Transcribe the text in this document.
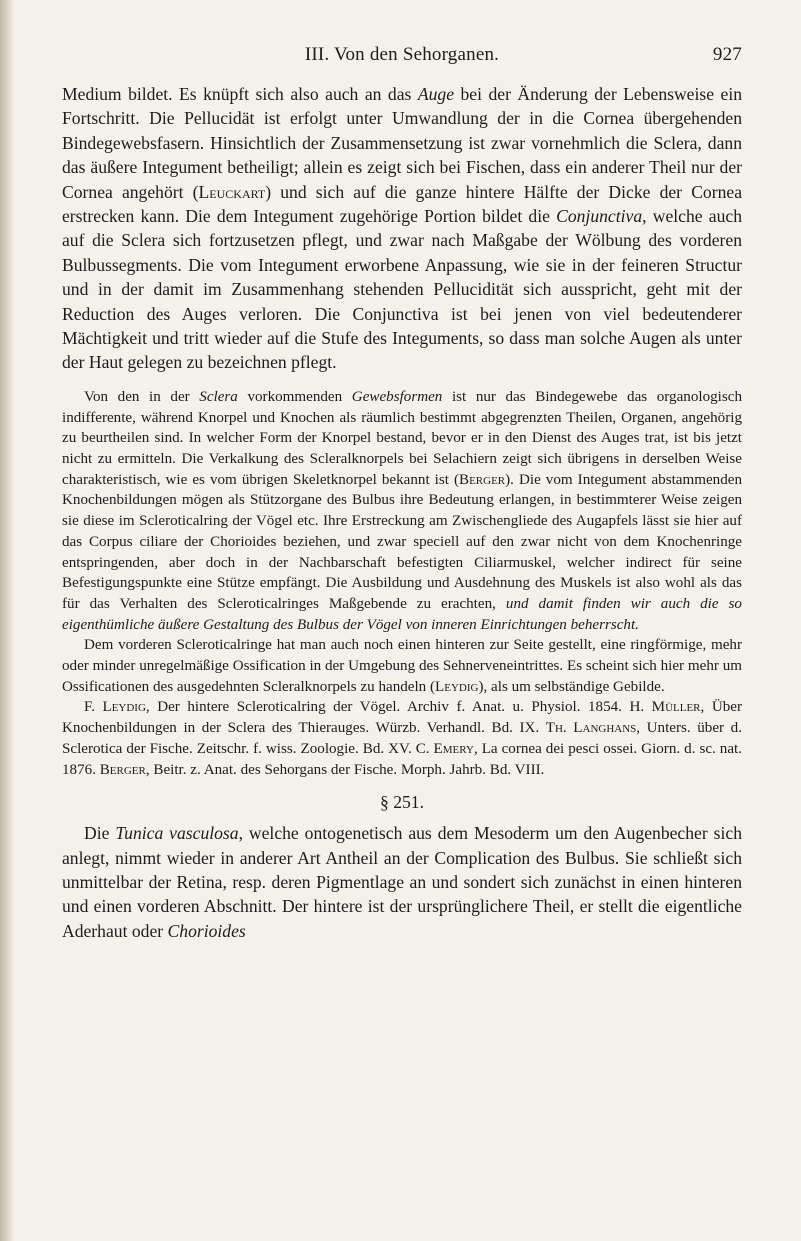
III. Von den Sehorganen.	927

Medium bildet. Es knüpft sich also auch an das Auge bei der Änderung der Lebensweise ein Fortschritt. Die Pellucidät ist erfolgt unter Umwandlung der in die Cornea übergehenden Bindegewebsfasern. Hinsichtlich der Zusammensetzung ist zwar vornehmlich die Sclera, dann das äußere Integument betheiligt; allein es zeigt sich bei Fischen, dass ein anderer Theil nur der Cornea angehört (Leuckart) und sich auf die ganze hintere Hälfte der Dicke der Cornea erstrecken kann. Die dem Integument zugehörige Portion bildet die Conjunctiva, welche auch auf die Sclera sich fortzusetzen pflegt, und zwar nach Maßgabe der Wölbung des vorderen Bulbussegments. Die vom Integument erworbene Anpassung, wie sie in der feineren Structur und in der damit im Zusammenhang stehenden Pellucidität sich ausspricht, geht mit der Reduction des Auges verloren. Die Conjunctiva ist bei jenen von viel bedeutenderer Mächtigkeit und tritt wieder auf die Stufe des Integuments, so dass man solche Augen als unter der Haut gelegen zu bezeichnen pflegt.

Von den in der Sclera vorkommenden Gewebsformen ist nur das Bindegewebe das organologisch indifferente, während Knorpel und Knochen als räumlich bestimmt abgegrenzten Theilen, Organen, angehörig zu beurtheilen sind. In welcher Form der Knorpel bestand, bevor er in den Dienst des Auges trat, ist bis jetzt nicht zu ermitteln. Die Verkalkung des Scleralknorpels bei Selachiern zeigt sich übrigens in derselben Weise charakteristisch, wie es vom übrigen Skeletknorpel bekannt ist (Berger). Die vom Integument abstammenden Knochenbildungen mögen als Stützorgane des Bulbus ihre Bedeutung erlangen, in bestimmterer Weise zeigen sie diese im Scleroticalring der Vögel etc. Ihre Erstreckung am Zwischengliede des Augapfels lässt sie hier auf das Corpus ciliare der Chorioides beziehen, und zwar speciell auf den zwar nicht von dem Knochenringe entspringenden, aber doch in der Nachbarschaft befestigten Ciliarmuskel, welcher indirect für seine Befestigungspunkte eine Stütze empfängt. Die Ausbildung und Ausdehnung des Muskels ist also wohl als das für das Verhalten des Scleroticalringes Maßgebende zu erachten, und damit finden wir auch die so eigenthümliche äußere Gestaltung des Bulbus der Vögel von inneren Einrichtungen beherrscht.

Dem vorderen Scleroticalringe hat man auch noch einen hinteren zur Seite gestellt, eine ringförmige, mehr oder minder unregelmäßige Ossification in der Umgebung des Sehnerveneintrittes. Es scheint sich hier mehr um Ossificationen des ausgedehnten Scleralknorpels zu handeln (Leydig), als um selbständige Gebilde.

F. Leydig, Der hintere Scleroticalring der Vögel. Archiv f. Anat. u. Physiol. 1854. H. Müller, Über Knochenbildungen in der Sclera des Thierauges. Würzb. Verhandl. Bd. IX. Th. Langhans, Unters. über d. Sclerotica der Fische. Zeitschr. f. wiss. Zoologie. Bd. XV. C. Emery, La cornea dei pesci ossei. Giorn. d. sc. nat. 1876. Berger, Beitr. z. Anat. des Sehorgans der Fische. Morph. Jahrb. Bd. VIII.

§ 251.

Die Tunica vasculosa, welche ontogenetisch aus dem Mesoderm um den Augenbecher sich anlegt, nimmt wieder in anderer Art Antheil an der Complication des Bulbus. Sie schließt sich unmittelbar der Retina, resp. deren Pigmentlage an und sondert sich zunächst in einen hinteren und einen vorderen Abschnitt. Der hintere ist der ursprünglichere Theil, er stellt die eigentliche Aderhaut oder Chorioides
